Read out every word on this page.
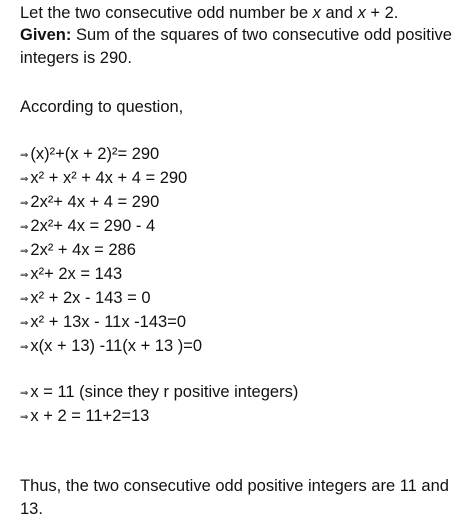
Let the two consecutive odd number be x and x + 2.
Given: Sum of the squares of two consecutive odd positive integers is 290.
According to question,
⇒ (x)²+(x + 2)²= 290
⇒ x² + x² + 4x + 4 = 290
⇒ 2x²+ 4x + 4 = 290
⇒ 2x²+ 4x = 290 - 4
⇒ 2x² + 4x = 286
⇒ x²+ 2x = 143
⇒ x² + 2x - 143 = 0
⇒ x² + 13x - 11x -143=0
⇒ x(x + 13) -11(x + 13 )=0
⇒ x = 11 (since they r positive integers)
⇒ x + 2 = 11+2=13
Thus, the two consecutive odd positive integers are 11 and 13.
